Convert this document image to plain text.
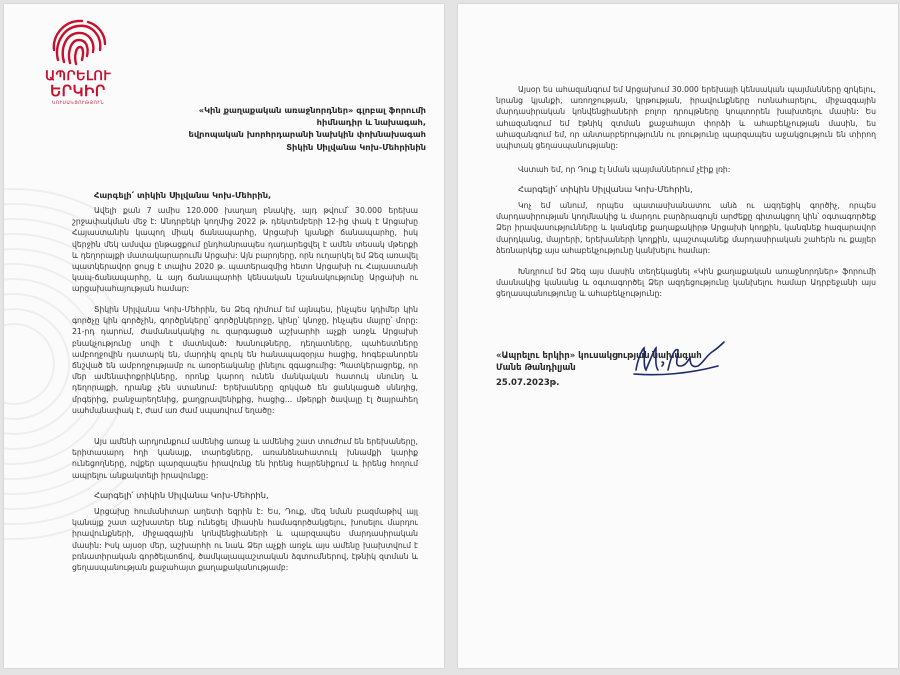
ԱՊՐԵԼՈՒ
ԵՐԿԻՐ
ԿՈՒՍԱԿՑՈՒԹՅՈՒՆ
«Կին քաղաքական առաջնորդներ» գլոբալ ֆորումի
հիմնադիր և նախագահ,
եվրոպական խորհրդարանի նախկին փոխնախագահ
Տիկին Սիլվանա Կոխ-Մեհրինին
Հարգելի՛ տիկին Սիլվանա Կոխ-Մեհրին,

Ավելի քան 7 ամիս 120.000 խաղաղ բնակիչ, այդ թվում՝ 30.000 երեխա շրջափակման մեջ է: Անդրբեկի կողմից 2022 թ. դեկտեմբերի 12-ից փակ է Արցախը Հայաստանին կապող միակ ճանապարհը, Արցախի կյանքի ճանապարհը, իսկ վերջին մեկ ամսվա ընթացքում ընդհանրապես դադարեցվել է ամեն տեսակ մթերքի և դեղորայքի մատակարարումն Արցախ: Այն բարոյերը, որն ուղարկել եմ Ձեզ առավել պատկերավոր ցույց է տալիս 2020 թ. պատերազմից հետո Արցախի ու Հայաստանի կապ-ճանապարհը, և այդ ճանապարհի կենսական նշանակությունը Արցախի ու արցախահայության համար:

Տիկին Սիլվանա Կոխ-Մեհրին, ես Ձեզ դիմում եմ այնպես, ինչպես կդիմեր կին գործչը կին գործչին, գործընկերը՝ գործընկերոջը, կինը՝ կնոջը, ինչպես մայրը՝ մորը: 21-րդ դարում, ժամանակակից ու զարգացած աշխարհի աչքի առջև Արցախի բնակչությունը սովի է մատնված: Խանութները, դեղատները, պահեստները ամբողջովին դատարկ են, մարդիկ զուրկ են հանապազօրյա հացից, հոգեբանորեն ճնշված են ամբողջությամբ ու առօրեականը լինելու զգացումից: Պատկերացրեք, որ մեր ամենափոքրիկները, որոնք կարող ունեն մանկական հատուկ սնունդ և դեղորայքի, դրանք չեն ստանում: Երեխաները զրկված են ցանկացած սննդից, մրգերից, բանջարեղենից, քաղցրավենիքից, հացից... մթերքի ծավալը էլ ծայրահեղ սահմանափակ է, ժամ առ ժամ սպառվում եղածը:

Այս ամենի արդյունքում ամենից առաջ և ամենից շատ տուժում են երեխաները, երիտասարդ հղի կանայք, տարեցները, առանձնահատուկ խնամքի կարիք ունեցողները, ովքեր պարզապես իրավունք են իրենց հայրենիքում և իրենց հողում ապրելու անքակտելի իրավունքը:

Հարգելի՛ տիկին Սիլվանա Կոխ-Մեհրին,

Արցախը հումանիտար աղետի եզրին է: Ես, Դուք, մեզ նման բազմաթիվ այլ կանայք շատ աշխատեր ենք ունեցել միասին համագործակցելու, խոսելու մարդու իրավունքների, միջազգային կոնվենցիաների և պարզապես մարդասիրական մասին: Իսկ այսօր մեր, աշխարհի ու նաև Ձեր աչքի առջև այս ամենը խախտվում է բռնատիրական գործելաոճով, ծամկալապաշտական ձգտումներով, էթնիկ զտման և ցեղասպանության քաջահայտ քաղաքականությամբ:

Այսօր ես ահազանգում եմ Արցախում 30.000 երեխայի կենսական պայմանները զրկելու, նրանց կյանքի, առողջության, կրթության, իրավունքները ոտնահարելու, միջազգային մարդասիրական կոնվենցիաների բոլոր դրույթները կոպտորեն խախտելու մասին: Ես ահազանգում եմ էթնիկ զտման քաջահայտ փորձի և ահաբեկչության մասին, ես ահազանգում եմ, որ անտարբերությունն ու լռությունը պարզապես աջակցություն են տիրող սպիտակ ցեղասպանությանը:

Վստահ եմ, որ Դուք էլ նման պայմաններում չէիք լռի:

Հարգելի՛ տիկին Սիլվանա Կոխ-Մեհրին,

Կոչ եմ անում, որպես պատասխանատու անձ ու ազդեցիկ գործիչ, որպես մարդասիրության կողմնակից և մարդու բարձրագույն արժեքը գիտակցող կին՝ օգտագործեք Ձեր իրավասությունները և կանգնեք քաղաքակիրթ Արցախի կողքին, կանգնեք հազարավոր մարդկանց, մայրերի, երեխաների կողքին, պաշտպանեք մարդասիրական շահերն ու քայլեր ձեռնարկեք այս ահաբեկչությունը կանխելու համար:

Խնդրում եմ Ձեզ այս մասին տեղեկացնել «Կին քաղաքական առաջնորդներ» ֆորումի մասնակից կանանց և օգտագործել Ձեր ազդեցությունը կանխելու համար Ադրբեջանի այս ցեղասպանությունը և ահաբեկչությունը:

«Ապրելու երկիր» կուսակցության նախագահ
Մանե Թանդիլյան
25.07.2023թ.
